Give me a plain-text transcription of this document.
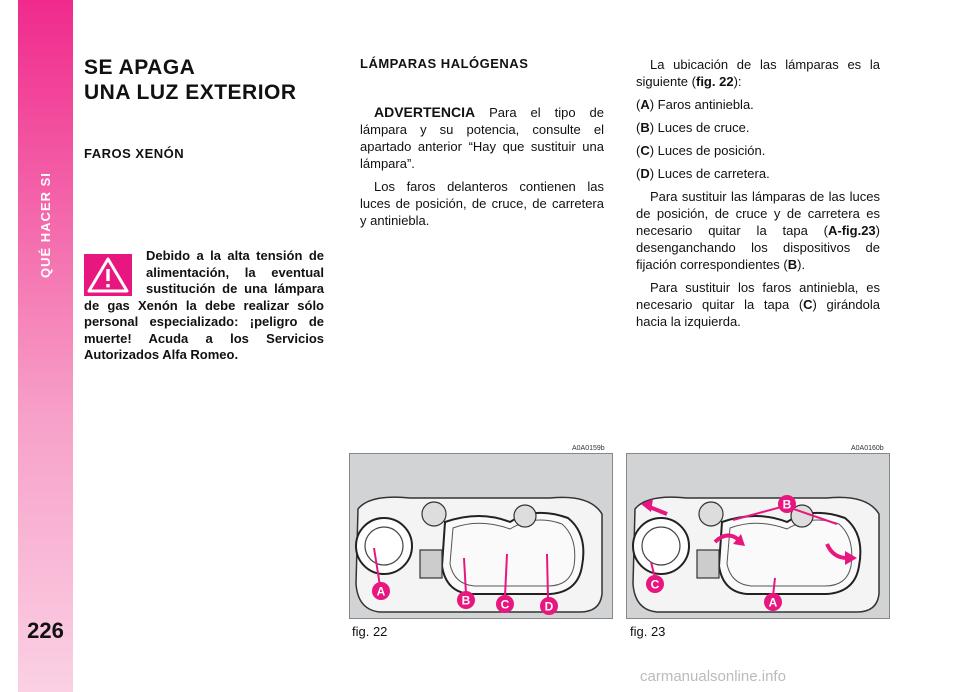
QUÉ HACER SI
226
SE APAGA
UNA LUZ EXTERIOR
FAROS XENÓN
Debido a la alta tensión de alimentación, la eventual sustitución de una lámpara de gas Xenón la debe realizar sólo personal especializado: ¡peligro de muerte! Acuda a los Servicios Autorizados Alfa Romeo.
LÁMPARAS HALÓGENAS

ADVERTENCIA Para el tipo de lámpara y su potencia, consulte el apartado anterior “Hay que sustituir una lámpara”.

Los faros delanteros contienen las luces de posición, de cruce, de carretera y antiniebla.

La ubicación de las lámparas es la siguiente (fig. 22):

(A) Faros antiniebla.

(B) Luces de cruce.

(C) Luces de posición.

(D) Luces de carretera.

Para sustituir las lámparas de las luces de posición, de cruce y de carretera es necesario quitar la tapa (A-fig.23) desenganchando los dispositivos de fijación correspondientes (B).

Para sustituir los faros antiniebla, es necesario quitar la tapa (C) girándola hacia la izquierda.

A0A0159b
A
B	C	D
fig. 22
A0A0160b
B
C
A
fig. 23
carmanualsonline.info
